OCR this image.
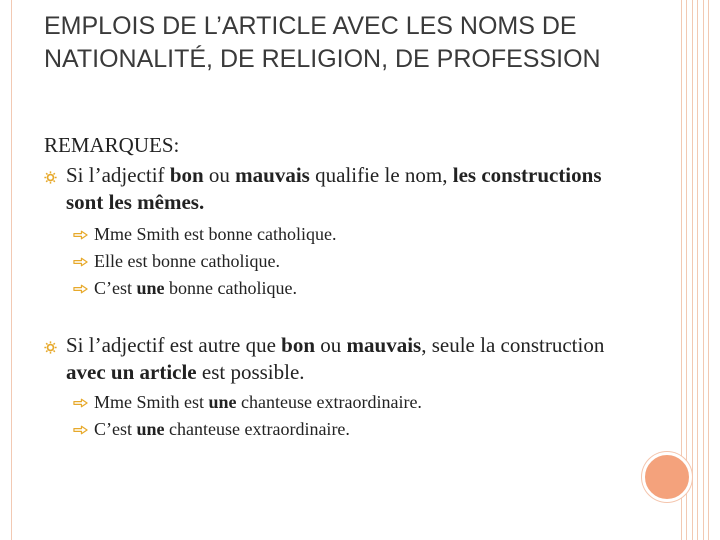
EMPLOIS DE L’ARTICLE AVEC LES NOMS DE NATIONALITÉ, DE RELIGION, DE PROFESSION

REMARQUES:

Si l’adjectif bon ou mauvais qualifie le nom, les constructions sont les mêmes.

Mme Smith est bonne catholique.

Elle est bonne catholique.

C’est une bonne catholique.

Si l’adjectif est autre que bon ou mauvais, seule la construction avec un article est possible.

Mme Smith est une chanteuse extraordinaire.

C’est une chanteuse extraordinaire.
